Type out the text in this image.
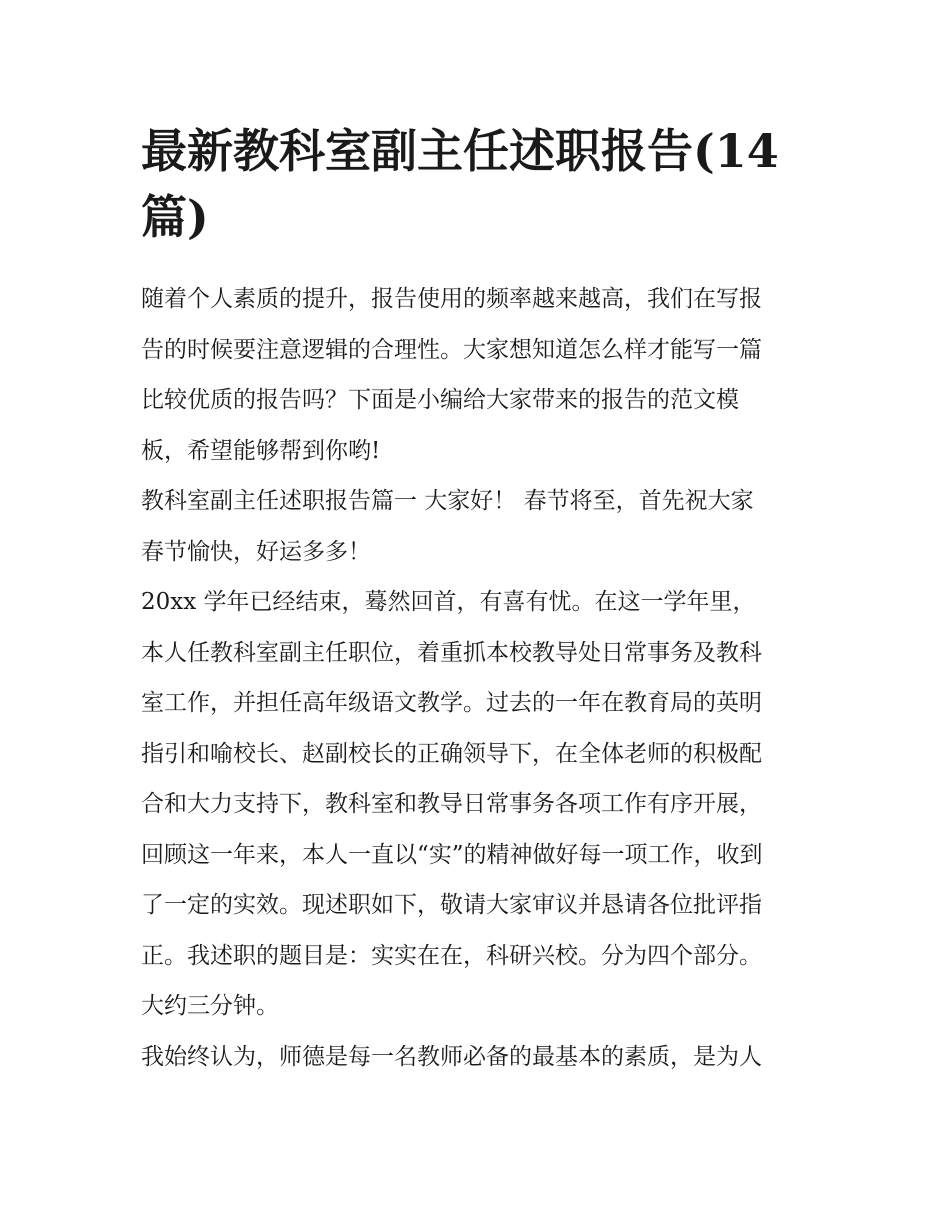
最新教科室副主任述职报告(14
篇)

随着个人素质的提升，报告使用的频率越来越高，我们在写报
告的时候要注意逻辑的合理性。大家想知道怎么样才能写一篇
比较优质的报告吗？下面是小编给大家带来的报告的范文模
板，希望能够帮到你哟!

教科室副主任述职报告篇一 大家好！ 春节将至，首先祝大家
春节愉快，好运多多！

20xx 学年已经结束，蓦然回首，有喜有忧。在这一学年里，
本人任教科室副主任职位，着重抓本校教导处日常事务及教科
室工作，并担任高年级语文教学。过去的一年在教育局的英明
指引和喻校长、赵副校长的正确领导下，在全体老师的积极配
合和大力支持下，教科室和教导日常事务各项工作有序开展，
回顾这一年来，本人一直以“实”的精神做好每一项工作，收到
了一定的实效。现述职如下，敬请大家审议并恳请各位批评指
正。我述职的题目是：实实在在，科研兴校。分为四个部分。
大约三分钟。

我始终认为，师德是每一名教师必备的最基本的素质，是为人
